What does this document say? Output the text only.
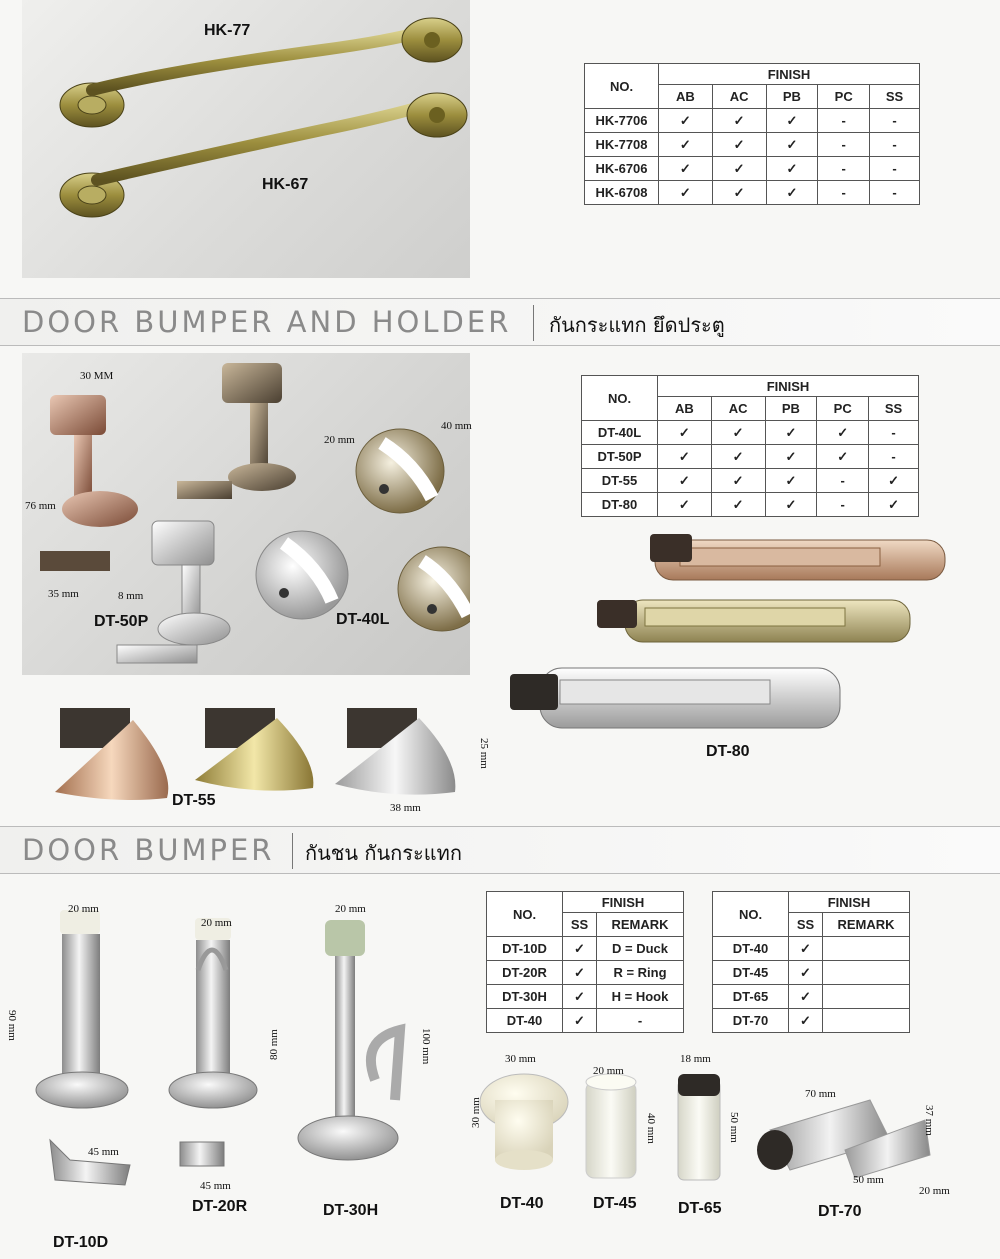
HK-77
HK-67
NO.	FINISH				
	AB	AC	PB	PC	SS
HK-7706	✓	✓	✓	-	-
HK-7708	✓	✓	✓	-	-
HK-6706	✓	✓	✓	-	-
HK-6708	✓	✓	✓	-	-
DOOR BUMPER AND HOLDER กันกระแทก ยึดประตู
DT-50P	DT-40L
30 MM
76 mm
35 mm	8 mm
20 mm
40 mm
NO.	FINISH				
	AB	AC	PB	PC	SS
DT-40L	✓	✓	✓	✓	-
DT-50P	✓	✓	✓	✓	-
DT-55	✓	✓	✓	-	✓
DT-80	✓	✓	✓	-	✓
DT-80
DT-55
25 mm
38 mm
DOOR BUMPER กันชน กันกระแทก
20 mm
90 mm
45 mm
DT-10D
20 mm
80 mm
45 mm
DT-20R
20 mm
100 mm
DT-30H
NO.	FINISH	
	SS	REMARK
DT-10D	✓	D = Duck
DT-20R	✓	R = Ring
DT-30H	✓	H = Hook
DT-40	✓	-
NO.	FINISH	
	SS	REMARK
DT-40	✓	
DT-45	✓	
DT-65	✓	
DT-70	✓	
30 mm
30 mm
DT-40
20 mm
40 mm
DT-45
18 mm
50 mm
DT-65
70 mm
37 mm
50 mm
20 mm
DT-70
